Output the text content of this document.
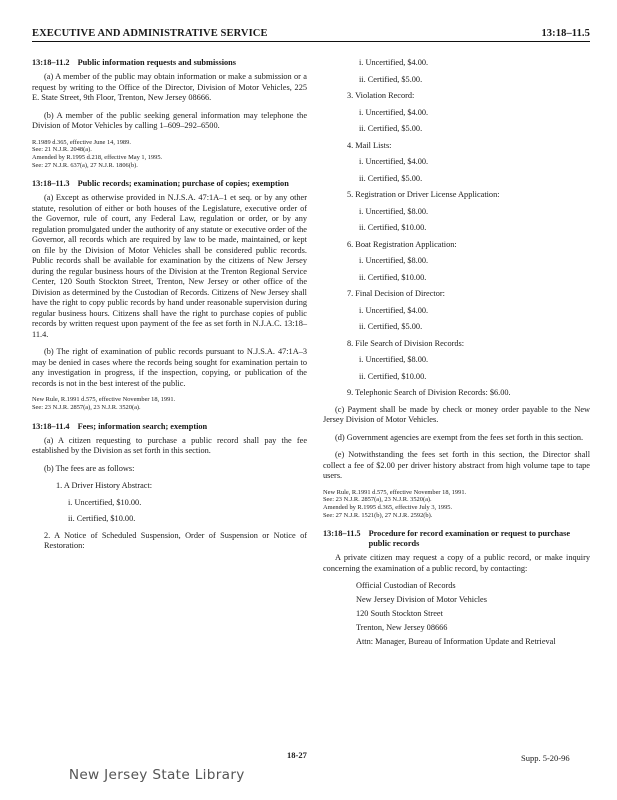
EXECUTIVE AND ADMINISTRATIVE SERVICE	13:18–11.5
13:18–11.2 Public information requests and submissions

(a) A member of the public may obtain information or make a submission or a request by writing to the Office of the Director, Division of Motor Vehicles, 225 E. State Street, 9th Floor, Trenton, New Jersey 08666.

(b) A member of the public seeking general information may telephone the Division of Motor Vehicles by calling 1–609–292–6500.

R.1989 d.365, effective June 14, 1989.
See: 21 N.J.R. 2048(a).
Amended by R.1995 d.218, effective May 1, 1995.
See: 27 N.J.R. 637(a), 27 N.J.R. 1806(b).
13:18–11.3 Public records; examination; purchase of copies; exemption

(a) Except as otherwise provided in N.J.S.A. 47:1A–1 et seq. or by any other statute, resolution of either or both houses of the Legislature, executive order of the Governor, rule of court, any Federal Law, regulation or order, or by any regulation promulgated under the authority of any statute or executive order of the Governor, all records which are required by law to be made, maintained, or kept on file by the Division of Motor Vehicles shall be considered public records. Public records shall be available for examination by the citizens of New Jersey during the regular business hours of the Division at the Trenton Regional Service Center, 120 South Stockton Street, Trenton, New Jersey or other office of the Division as determined by the Custodian of Records. Citizens of New Jersey shall have the right to copy public records by hand under reasonable supervision during regular business hours. Citizens shall have the right to purchase copies of public records by written request upon payment of the fee as set forth in N.J.A.C. 13:18–11.4.

(b) The right of examination of public records pursuant to N.J.S.A. 47:1A–3 may be denied in cases where the records being sought for examination pertain to any investigation in progress, if the inspection, copying, or publication of the records is not in the best interest of the public.

New Rule, R.1991 d.575, effective November 18, 1991.
See: 23 N.J.R. 2857(a), 23 N.J.R. 3520(a).
13:18–11.4 Fees; information search; exemption

(a) A citizen requesting to purchase a public record shall pay the fee established by the Division as set forth in this section.

(b) The fees are as follows:

1. A Driver History Abstract:
i. Uncertified, $10.00.
ii. Certified, $10.00.
2. A Notice of Scheduled Suspension, Order of Suspension or Notice of Restoration:
i. Uncertified, $4.00.
ii. Certified, $5.00.
3. Violation Record:
i. Uncertified, $4.00.
ii. Certified, $5.00.
4. Mail Lists:
i. Uncertified, $4.00.
ii. Certified, $5.00.
5. Registration or Driver License Application:
i. Uncertified, $8.00.
ii. Certified, $10.00.
6. Boat Registration Application:
i. Uncertified, $8.00.
ii. Certified, $10.00.
7. Final Decision of Director:
i. Uncertified, $4.00.
ii. Certified, $5.00.
8. File Search of Division Records:
i. Uncertified, $8.00.
ii. Certified, $10.00.
9. Telephonic Search of Division Records: $6.00.

(c) Payment shall be made by check or money order payable to the New Jersey Division of Motor Vehicles.

(d) Government agencies are exempt from the fees set forth in this section.

(e) Notwithstanding the fees set forth in this section, the Director shall collect a fee of $2.00 per driver history abstract from high volume tape to tape users.

New Rule, R.1991 d.575, effective November 18, 1991.
See: 23 N.J.R. 2857(a), 23 N.J.R. 3520(a).
Amended by R.1995 d.365, effective July 3, 1995.
See: 27 N.J.R. 1521(b), 27 N.J.R. 2592(b).
13:18–11.5 Procedure for record examination or request to purchase public records

A private citizen may request a copy of a public record, or make inquiry concerning the examination of a public record, by contacting:

Official Custodian of Records
New Jersey Division of Motor Vehicles
120 South Stockton Street
Trenton, New Jersey 08666
Attn: Manager, Bureau of Information Update and Retrieval
18-27	Supp. 5-20-96
New Jersey State Library
